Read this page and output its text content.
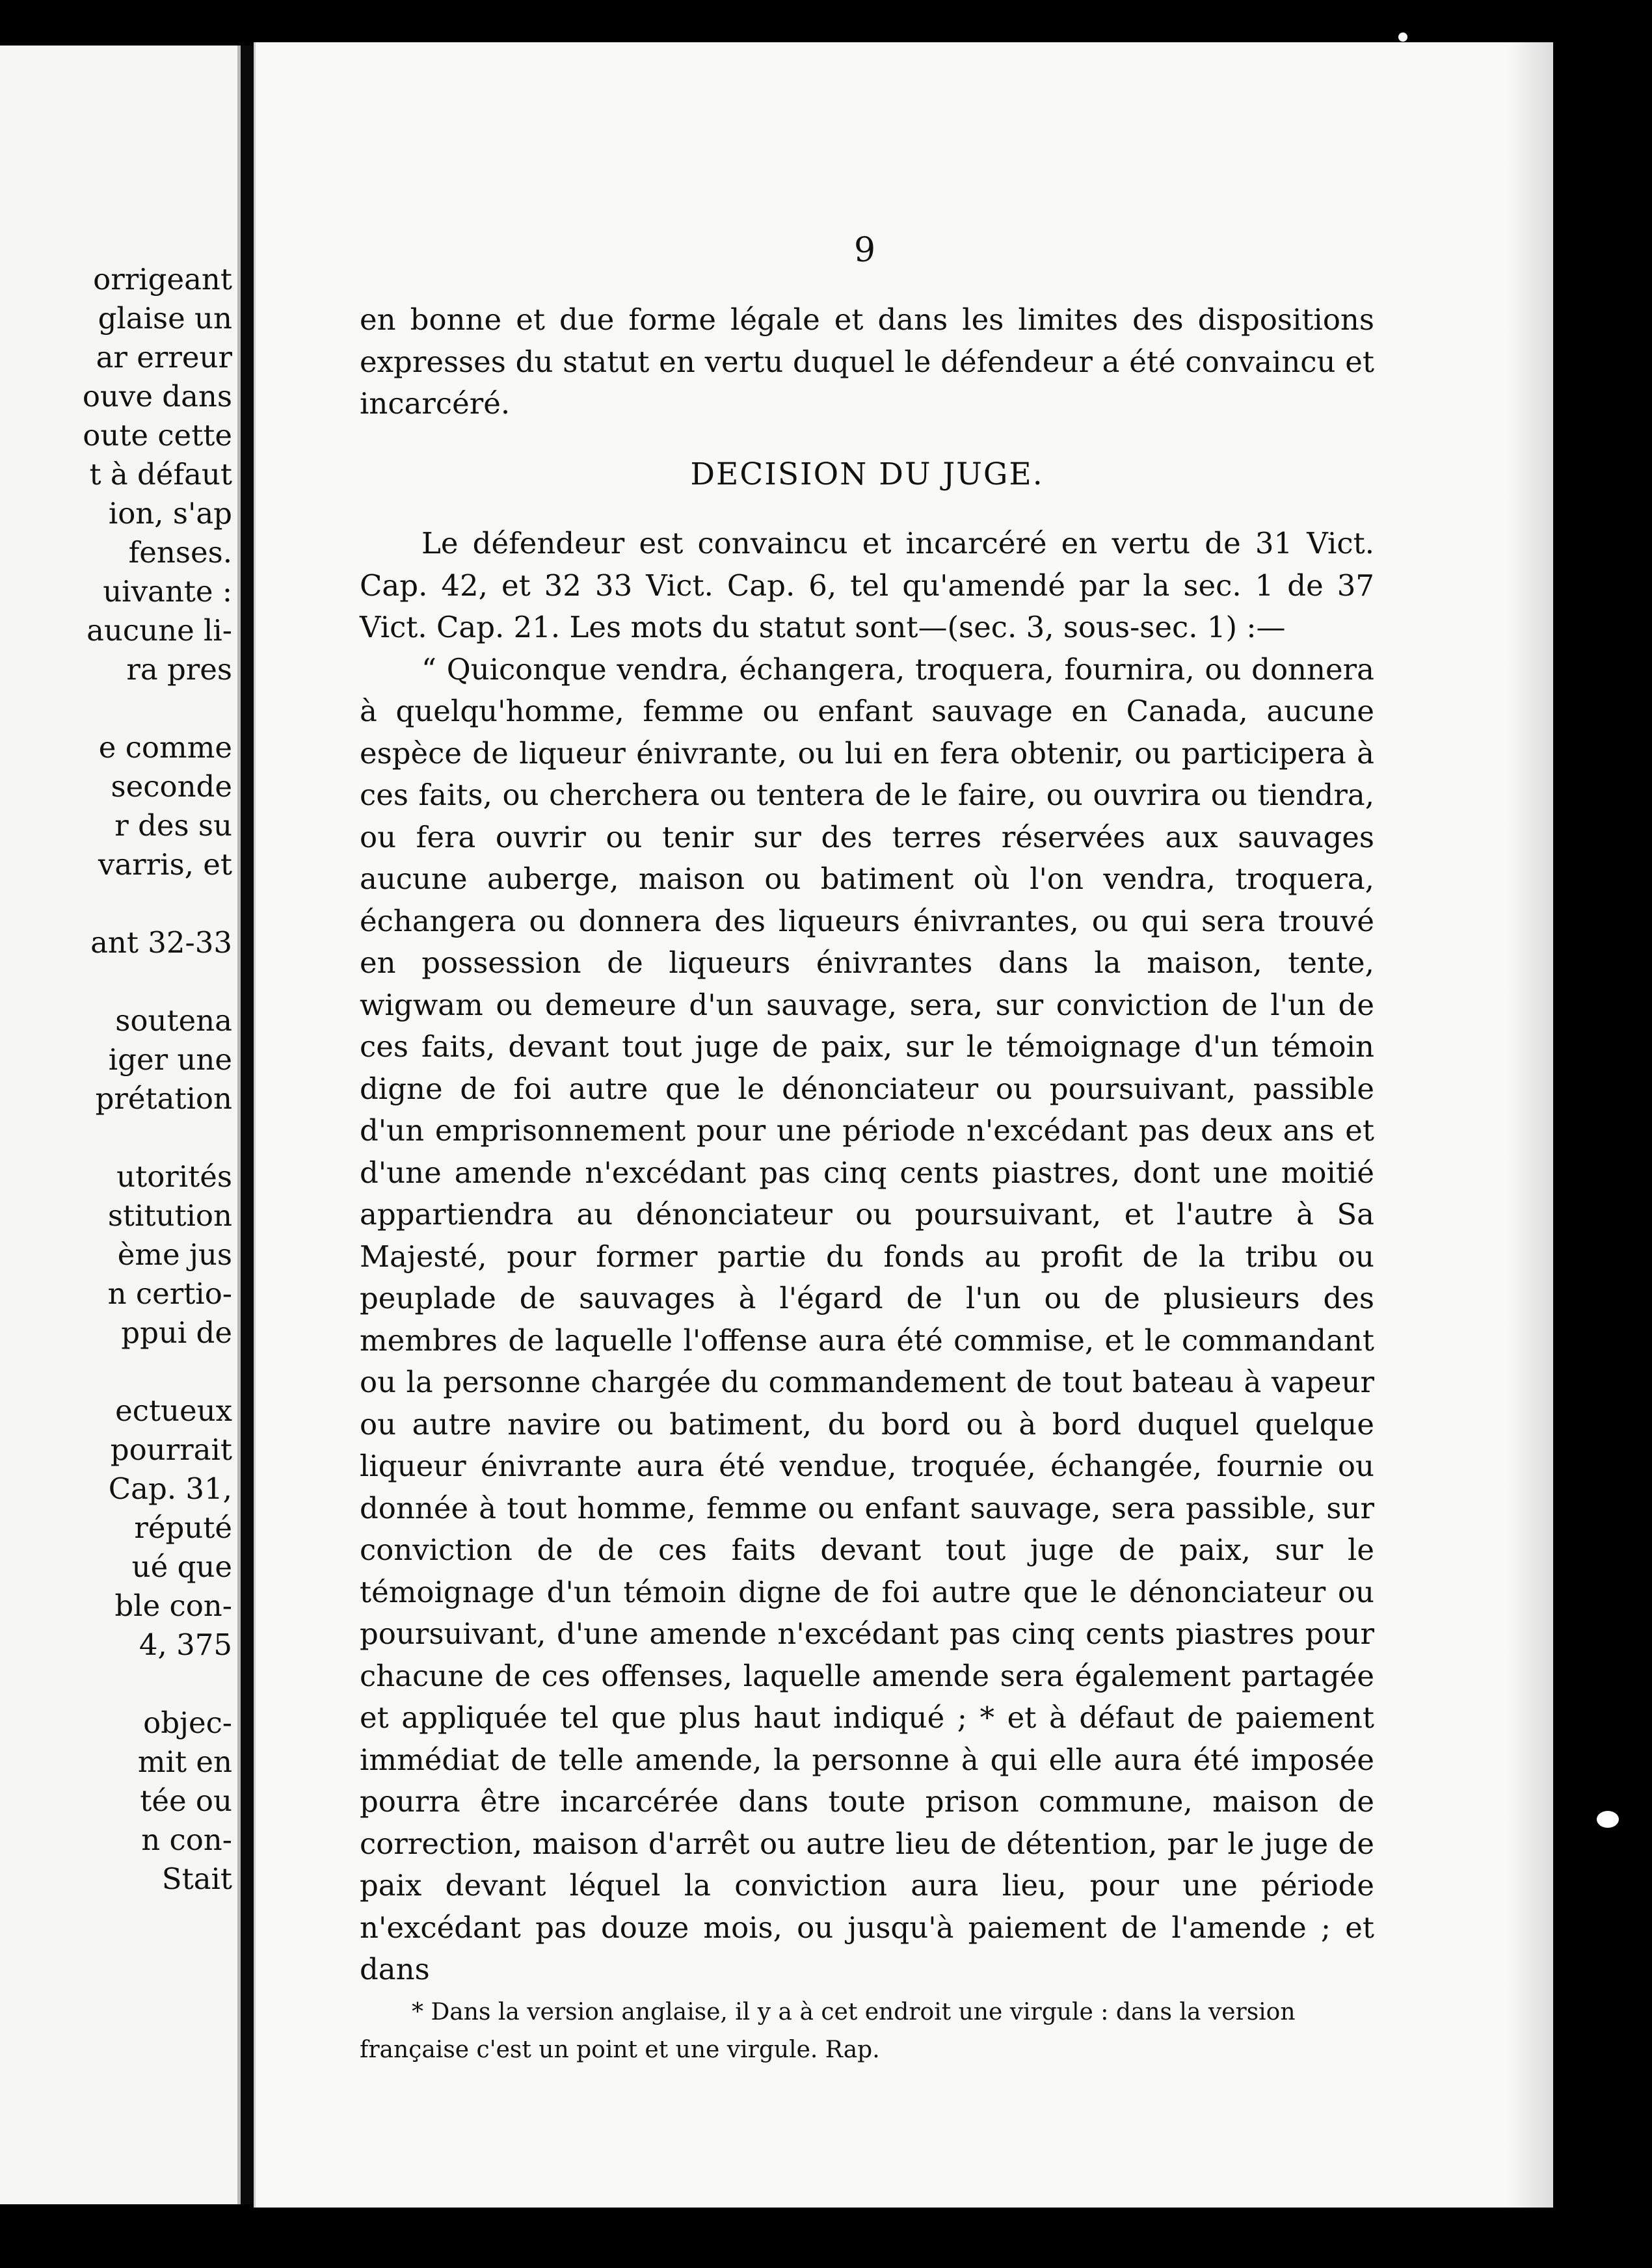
orrigeant
glaise un
ar erreur
ouve dans
oute cette
t à défaut
ion, s'ap
fenses.
uivante :
aucune li-
ra pres
e comme
seconde
r des su
varris, et
ant 32-33
soutena
iger une
prétation
utorités
stitution
ème jus
n certio-
ppui de
ectueux
pourrait
Cap. 31,
réputé
ué que
ble con-
4, 375
objec-
mit en
tée ou
n con-
Stait
9

en bonne et due forme légale et dans les limites des dispositions expresses du statut en vertu duquel le défendeur a été convaincu et incarcéré.

DECISION DU JUGE.

Le défendeur est convaincu et incarcéré en vertu de 31 Vict. Cap. 42, et 32 33 Vict. Cap. 6, tel qu'amendé par la sec. 1 de 37 Vict. Cap. 21. Les mots du statut sont—(sec. 3, sous-sec. 1) :—

“ Quiconque vendra, échangera, troquera, fournira, ou donnera à quelqu'homme, femme ou enfant sauvage en Canada, aucune espèce de liqueur énivrante, ou lui en fera obtenir, ou participera à ces faits, ou cherchera ou tentera de le faire, ou ouvrira ou tiendra, ou fera ouvrir ou tenir sur des terres réservées aux sauvages aucune auberge, maison ou batiment où l'on vendra, troquera, échangera ou donnera des liqueurs énivrantes, ou qui sera trouvé en possession de liqueurs énivrantes dans la maison, tente, wigwam ou demeure d'un sauvage, sera, sur conviction de l'un de ces faits, devant tout juge de paix, sur le témoignage d'un témoin digne de foi autre que le dénonciateur ou poursuivant, passible d'un emprisonnement pour une période n'excédant pas deux ans et d'une amende n'excédant pas cinq cents piastres, dont une moitié appartiendra au dénonciateur ou poursuivant, et l'autre à Sa Majesté, pour former partie du fonds au profit de la tribu ou peuplade de sauvages à l'égard de l'un ou de plusieurs des membres de laquelle l'offense aura été commise, et le commandant ou la personne chargée du commandement de tout bateau à vapeur ou autre navire ou batiment, du bord ou à bord duquel quelque liqueur énivrante aura été vendue, troquée, échangée, fournie ou donnée à tout homme, femme ou enfant sauvage, sera passible, sur conviction de de ces faits devant tout juge de paix, sur le témoignage d'un témoin digne de foi autre que le dénonciateur ou poursuivant, d'une amende n'excédant pas cinq cents piastres pour chacune de ces offenses, laquelle amende sera également partagée et appliquée tel que plus haut indiqué ; * et à défaut de paiement immédiat de telle amende, la personne à qui elle aura été imposée pourra être incarcérée dans toute prison commune, maison de correction, maison d'arrêt ou autre lieu de détention, par le juge de paix devant léquel la conviction aura lieu, pour une période n'excédant pas douze mois, ou jusqu'à paiement de l'amende ; et dans

* Dans la version anglaise, il y a à cet endroit une virgule : dans la version

française c'est un point et une virgule. Rap.
